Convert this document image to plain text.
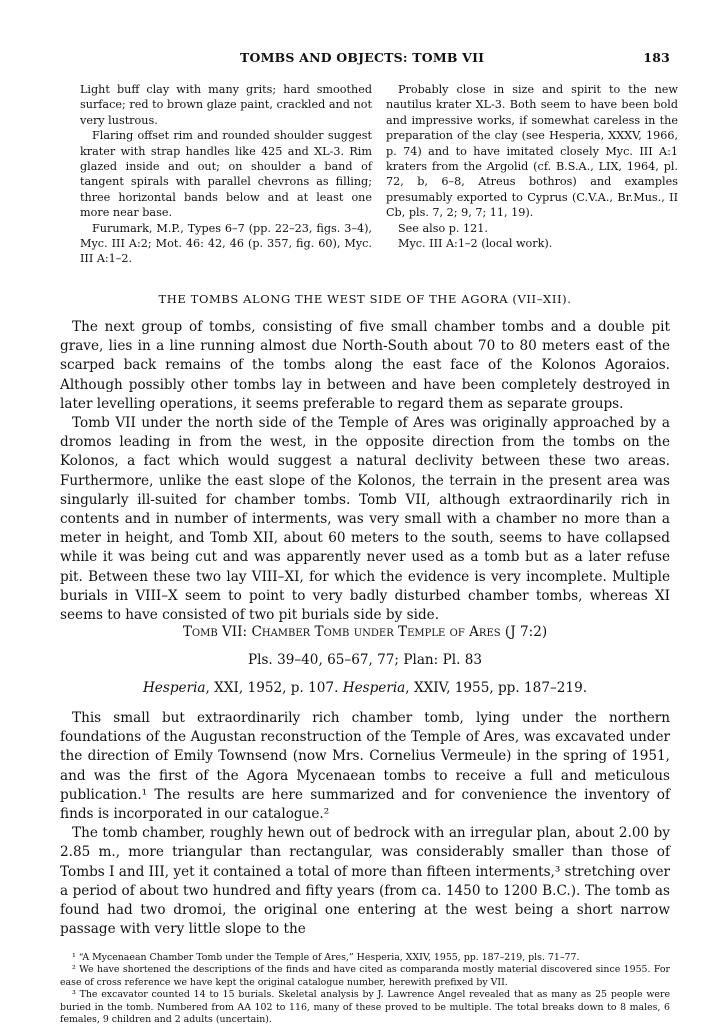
TOMBS AND OBJECTS: TOMB VII	183

Light buff clay with many grits; hard smoothed surface; red to brown glaze paint, crackled and not very lustrous.

Flaring offset rim and rounded shoulder suggest krater with strap handles like 425 and XL-3. Rim glazed inside and out; on shoulder a band of tangent spirals with parallel chevrons as filling; three horizontal bands below and at least one more near base.

Furumark, M.P., Types 6–7 (pp. 22–23, figs. 3–4), Myc. III A:2; Mot. 46: 42, 46 (p. 357, fig. 60), Myc. III A:1–2.

Probably close in size and spirit to the new nautilus krater XL-3. Both seem to have been bold and impressive works, if somewhat careless in the preparation of the clay (see Hesperia, XXXV, 1966, p. 74) and to have imitated closely Myc. III A:1 kraters from the Argolid (cf. B.S.A., LIX, 1964, pl. 72, b, 6–8, Atreus bothros) and examples presumably exported to Cyprus (C.V.A., Br.Mus., II Cb, pls. 7, 2; 9, 7; 11, 19).

See also p. 121.

Myc. III A:1–2 (local work).

THE TOMBS ALONG THE WEST SIDE OF THE AGORA (VII–XII).

The next group of tombs, consisting of five small chamber tombs and a double pit grave, lies in a line running almost due North-South about 70 to 80 meters east of the scarped back remains of the tombs along the east face of the Kolonos Agoraios. Although possibly other tombs lay in between and have been completely destroyed in later levelling operations, it seems preferable to regard them as separate groups.

Tomb VII under the north side of the Temple of Ares was originally approached by a dromos leading in from the west, in the opposite direction from the tombs on the Kolonos, a fact which would suggest a natural declivity between these two areas. Furthermore, unlike the east slope of the Kolonos, the terrain in the present area was singularly ill-suited for chamber tombs. Tomb VII, although extraordinarily rich in contents and in number of interments, was very small with a chamber no more than a meter in height, and Tomb XII, about 60 meters to the south, seems to have collapsed while it was being cut and was apparently never used as a tomb but as a later refuse pit. Between these two lay VIII–XI, for which the evidence is very incomplete. Multiple burials in VIII–X seem to point to very badly disturbed chamber tombs, whereas XI seems to have consisted of two pit burials side by side.

Tomb VII: Chamber Tomb under Temple of Ares (J 7:2)
Pls. 39–40, 65–67, 77; Plan: Pl. 83
Hesperia, XXI, 1952, p. 107. Hesperia, XXIV, 1955, pp. 187–219.

This small but extraordinarily rich chamber tomb, lying under the northern foundations of the Augustan reconstruction of the Temple of Ares, was excavated under the direction of Emily Townsend (now Mrs. Cornelius Vermeule) in the spring of 1951, and was the first of the Agora Mycenaean tombs to receive a full and meticulous publication.¹ The results are here summarized and for convenience the inventory of finds is incorporated in our catalogue.²

The tomb chamber, roughly hewn out of bedrock with an irregular plan, about 2.00 by 2.85 m., more triangular than rectangular, was considerably smaller than those of Tombs I and III, yet it contained a total of more than fifteen interments,³ stretching over a period of about two hundred and fifty years (from ca. 1450 to 1200 B.C.). The tomb as found had two dromoi, the original one entering at the west being a short narrow passage with very little slope to the

¹ “A Mycenaean Chamber Tomb under the Temple of Ares,” Hesperia, XXIV, 1955, pp. 187–219, pls. 71–77.

² We have shortened the descriptions of the finds and have cited as comparanda mostly material discovered since 1955. For ease of cross reference we have kept the original catalogue number, herewith prefixed by VII.

³ The excavator counted 14 to 15 burials. Skeletal analysis by J. Lawrence Angel revealed that as many as 25 people were buried in the tomb. Numbered from AA 102 to 116, many of these proved to be multiple. The total breaks down to 8 males, 6 females, 9 children and 2 adults (uncertain).
